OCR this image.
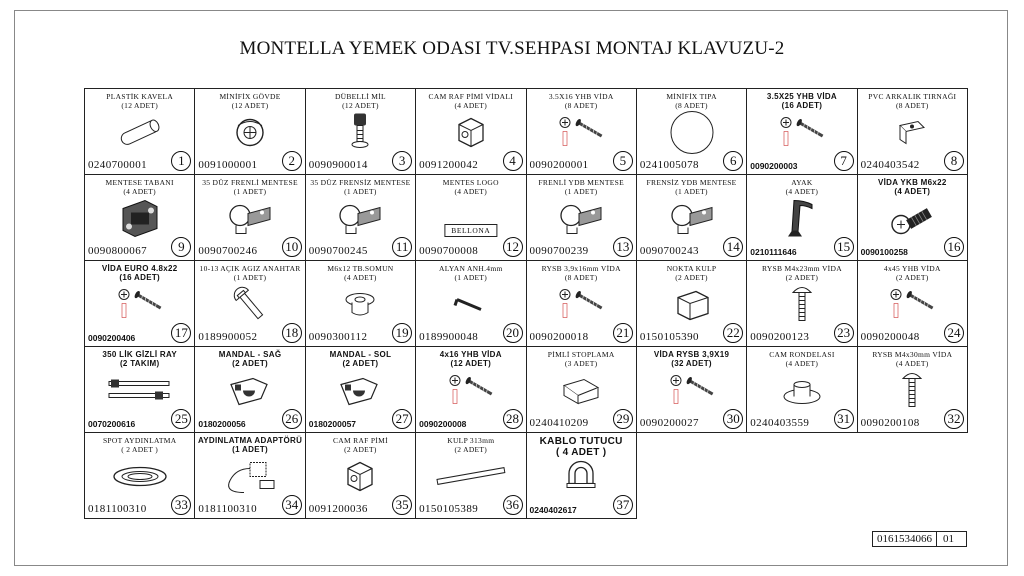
MONTELLA YEMEK ODASI TV.SEHPASI MONTAJ KLAVUZU-2
PLASTİK KAVELA
(12 ADET)
0240700001	1
MİNİFİX GÖVDE
(12 ADET)
0091000001	2
DÜBELLİ MİL
(12 ADET)
0090900014	3
CAM RAF PİMİ VİDALI
(4 ADET)
0091200042	4
3.5X16 YHB VİDA
(8 ADET)
0090200001	5
MİNİFİX TIPA
(8 ADET)
0241005078	6
3.5X25 YHB VİDA
(16 ADET)
0090200003	7
PVC ARKALIK TIRNAĞI
(8 ADET)
0240403542	8
MENTESE TABANI
(4 ADET)
0090800067	9
35 DÜZ FRENLİ MENTESE
(1 ADET)
0090700246 10
35 DÜZ FRENSİZ MENTESE
(1 ADET)
0090700245 11
MENTES LOGO
(4 ADET)
BELLONA
0090700008 12
FRENLİ YDB MENTESE
(1 ADET)
0090700239 13
FRENSİZ YDB MENTESE
(1 ADET)
0090700243 14
AYAK
(4 ADET)
0210111646	15
VİDA YKB M6x22
(4 ADET)
0090100258	16
VİDA EURO 4.8x22
(16 ADET)
0090200406	17
10-13 AÇIK AGIZ ANAHTAR
(1 ADET)
0189900052 18
M6x12 TB.SOMUN
(4 ADET)
0090300112 19
ALYAN ANH.4mm
(1 ADET)
0189900048 20
RYSB 3,9x16mm VİDA
(8 ADET)
0090200018 21
NOKTA KULP
(2 ADET)
0150105390 22
RYSB M4x23mm VİDA
(2 ADET)
0090200123 23
4x45 YHB VİDA
(2 ADET)
0090200048 24
350 LİK GİZLİ RAY
(2 TAKIM)
0070200616	25
MANDAL - SAĞ
(2 ADET)
0180200056	26
MANDAL - SOL
(2 ADET)
0180200057	27
4x16 YHB VİDA
(12 ADET)
0090200008	28
PİMLİ STOPLAMA
(3 ADET)
0240410209 29
VİDA RYSB 3,9X19
(32 ADET)
0090200027 30
CAM RONDELASI
(4 ADET)
0240403559 31
RYSB M4x30mm VİDA
(4 ADET)
0090200108 32
SPOT AYDINLATMA
( 2 ADET )
0181100310 33
AYDINLATMA ADAPTÖRÜ
(1 ADET)
0181100310 34
CAM RAF PİMİ
(2 ADET)
0091200036 35
KULP 313mm
(2 ADET)
0150105389 36
KABLO TUTUCU
( 4 ADET )
0240402617	37
0161534066	01
